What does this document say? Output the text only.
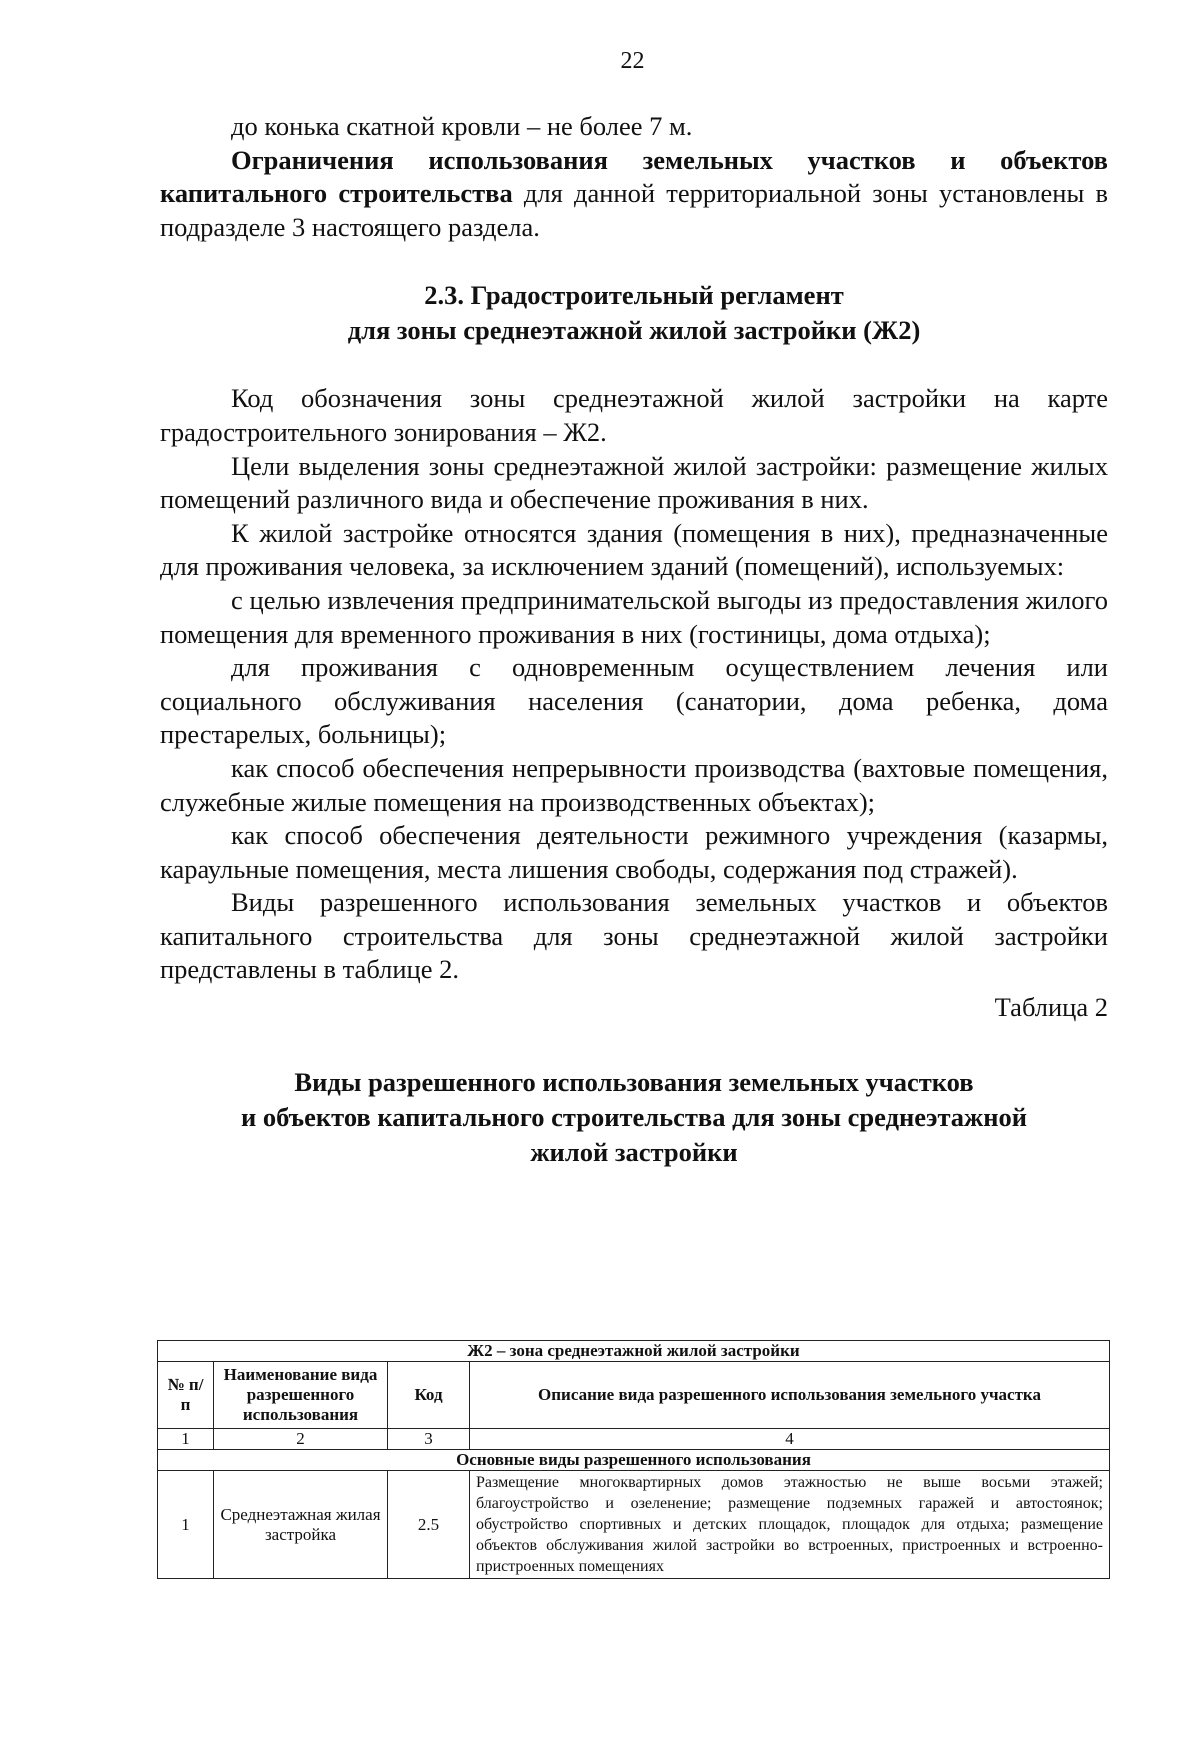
22

до конька скатной кровли – не более 7 м.

Ограничения использования земельных участков и объектов капитального строительства для данной территориальной зоны установлены в подразделе 3 настоящего раздела.

2.3. Градостроительный регламент
для зоны среднеэтажной жилой застройки (Ж2)

Код обозначения зоны среднеэтажной жилой застройки на карте градостроительного зонирования – Ж2.

Цели выделения зоны среднеэтажной жилой застройки: размещение жилых помещений различного вида и обеспечение проживания в них.

К жилой застройке относятся здания (помещения в них), предназначенные для проживания человека, за исключением зданий (помещений), используемых:

с целью извлечения предпринимательской выгоды из предоставления жилого помещения для временного проживания в них (гостиницы, дома отдыха);

для проживания с одновременным осуществлением лечения или социального обслуживания населения (санатории, дома ребенка, дома престарелых, больницы);

как способ обеспечения непрерывности производства (вахтовые помещения, служебные жилые помещения на производственных объектах);

как способ обеспечения деятельности режимного учреждения (казармы, караульные помещения, места лишения свободы, содержания под стражей).

Виды разрешенного использования земельных участков и объектов капитального строительства для зоны среднеэтажной жилой застройки представлены в таблице 2.

Таблица 2

Виды разрешенного использования земельных участков
и объектов капитального строительства для зоны среднеэтажной
жилой застройки
Ж2 – зона среднеэтажной жилой застройки			
№ п/п	Наименование вида разрешенного использования	Код	Описание вида разрешенного использования земельного участка
1	2	3	4
Основные виды разрешенного использования			
1	Среднеэтажная жилая застройка	2.5	Размещение многоквартирных домов этажностью не выше восьми этажей; благоустройство и озеленение; размещение подземных гаражей и автостоянок; обустройство спортивных и детских площадок, площадок для отдыха; размещение объектов обслуживания жилой застройки во встроенных, пристроенных и встроенно-пристроенных помещениях
